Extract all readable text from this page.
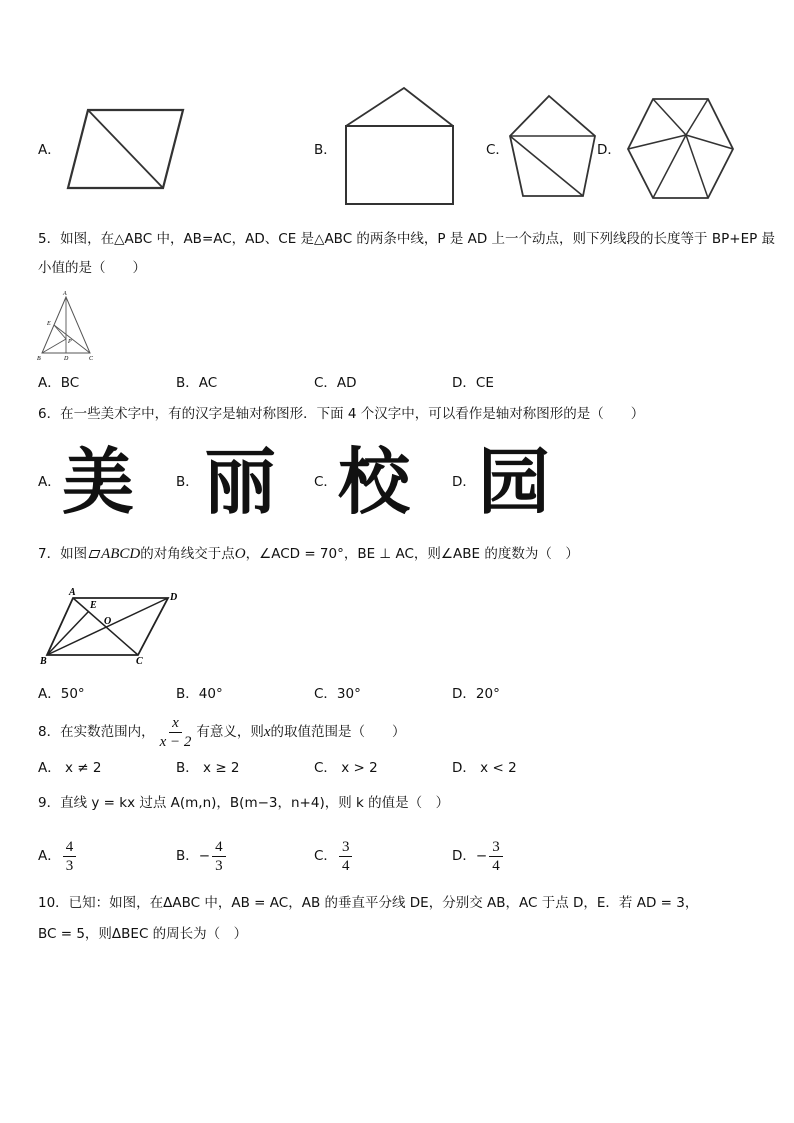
A．	B．	C．	D．
5．如图，在△ABC 中，AB=AC，AD、CE 是△ABC 的两条中线，P 是 AD 上一个动点，则下列线段的长度等于 BP+EP 最
小值的是（　　）
A
E
P
B	D	C
A．BC	B．AC	C．AD	D．CE
6．在一些美术字中，有的汉字是轴对称图形．下面 4 个汉字中，可以看作是轴对称图形的是（　　）
A． 美	B． 丽	C． 校	D． 园
7．如图 ABCD的对角线交于点O，∠ACD = 70°，BE ⊥ AC，则∠ABE 的度数为（　）
A
E
D
O
B	C
A．50°	B．40°	C．30°	D．20°
8．在实数范围内， $\frac{x}{x - 2}$ 有意义，则x的取值范围是（　　）
A． x ≠ 2	B． x ≥ 2	C． x > 2	D． x < 2
9．直线 y = kx 过点 A(m,n)，B(m−3，n+4)，则 k 的值是（　）
A． $\frac{4}{3}$	B．− $\frac{4}{3}$	C． $\frac{3}{4}$	D．− $\frac{3}{4}$
10．已知：如图，在ΔABC 中，AB = AC，AB 的垂直平分线 DE，分别交 AB，AC 于点 D，E．若 AD = 3，
BC = 5，则ΔBEC 的周长为（　）
